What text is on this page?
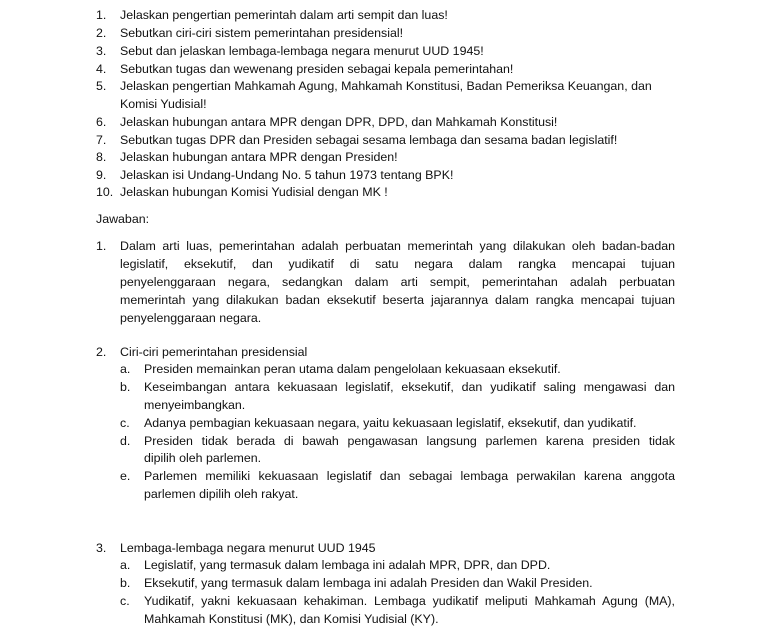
1.	Jelaskan pengertian pemerintah dalam arti sempit dan luas!
2.	Sebutkan ciri-ciri sistem pemerintahan presidensial!
3.	Sebut dan jelaskan lembaga-lembaga negara menurut UUD 1945!
4.	Sebutkan tugas dan wewenang presiden sebagai kepala pemerintahan!
5.	Jelaskan pengertian Mahkamah Agung, Mahkamah Konstitusi, Badan Pemeriksa Keuangan, dan
Komisi Yudisial!
6.	Jelaskan hubungan antara MPR dengan DPR, DPD, dan Mahkamah Konstitusi!
7.	Sebutkan tugas DPR dan Presiden sebagai sesama lembaga dan sesama badan legislatif!
8.	Jelaskan hubungan antara MPR dengan Presiden!
9.	Jelaskan isi Undang-Undang No. 5 tahun 1973 tentang BPK!
10. Jelaskan hubungan Komisi Yudisial dengan MK !
Jawaban:
1.	Dalam arti luas, pemerintahan adalah perbuatan memerintah yang dilakukan oleh badan-badan
legislatif, eksekutif, dan yudikatif di satu negara dalam rangka mencapai tujuan
penyelenggaraan negara, sedangkan dalam arti sempit, pemerintahan adalah perbuatan
memerintah yang dilakukan badan eksekutif beserta jajarannya dalam rangka mencapai tujuan
penyelenggaraan negara.
2.	Ciri-ciri pemerintahan presidensial
a.	Presiden memainkan peran utama dalam pengelolaan kekuasaan eksekutif.
b.	Keseimbangan antara kekuasaan legislatif, eksekutif, dan yudikatif saling mengawasi dan
menyeimbangkan.
c.	Adanya pembagian kekuasaan negara, yaitu kekuasaan legislatif, eksekutif, dan yudikatif.
d.	Presiden tidak berada di bawah pengawasan langsung parlemen karena presiden tidak
dipilih oleh parlemen.
e.	Parlemen memiliki kekuasaan legislatif dan sebagai lembaga perwakilan karena anggota
parlemen dipilih oleh rakyat.
3.	Lembaga-lembaga negara menurut UUD 1945
a.	Legislatif, yang termasuk dalam lembaga ini adalah MPR, DPR, dan DPD.
b.	Eksekutif, yang termasuk dalam lembaga ini adalah Presiden dan Wakil Presiden.
c.	Yudikatif, yakni kekuasaan kehakiman. Lembaga yudikatif meliputi Mahkamah Agung (MA),
Mahkamah Konstitusi (MK), dan Komisi Yudisial (KY).
